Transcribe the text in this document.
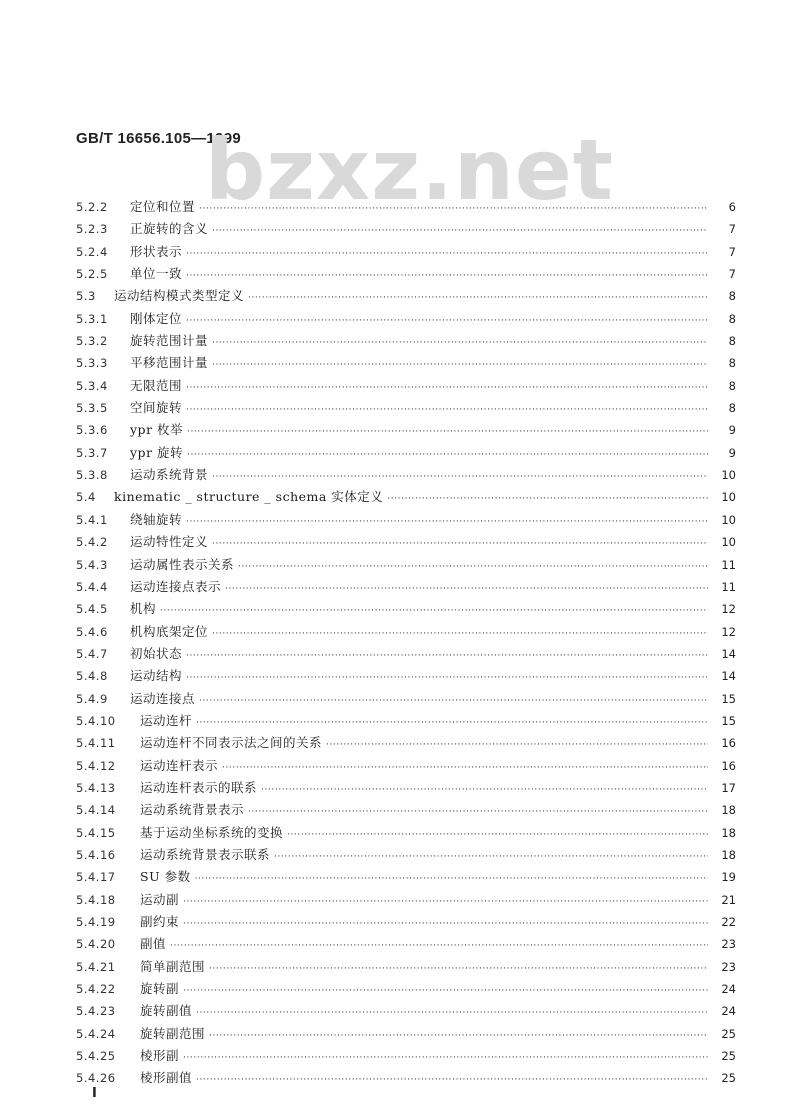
GB/T 16656.105—1999
bzxz.net
5.2.2	定位和位置 ·····	6
5.2.3	正旋转的含义 ·····	7
5.2.4	形状表示 ·····	7
5.2.5	单位一致 ·····	7
5.3	运动结构模式类型定义 ·····	8
5.3.1	刚体定位 ·····	8
5.3.2	旋转范围计量 ·····	8
5.3.3	平移范围计量 ·····	8
5.3.4	无限范围 ·····	8
5.3.5	空间旋转 ·····	8
5.3.6	ypr 枚举 ·····	9
5.3.7	ypr 旋转 ·····	9
5.3.8	运动系统背景 ·····	10
5.4	kinematic _ structure _ schema 实体定义 ·····	10
5.4.1	绕轴旋转 ·····	10
5.4.2	运动特性定义 ·····	10
5.4.3	运动属性表示关系 ·····	11
5.4.4	运动连接点表示 ·····	11
5.4.5	机构 ·····	12
5.4.6	机构底架定位 ·····	12
5.4.7	初始状态 ·····	14
5.4.8	运动结构 ·····	14
5.4.9	运动连接点 ·····	15
5.4.10	运动连杆 ·····	15
5.4.11	运动连杆不同表示法之间的关系 ·····	16
5.4.12	运动连杆表示 ·····	16
5.4.13	运动连杆表示的联系 ·····	17
5.4.14	运动系统背景表示 ·····	18
5.4.15	基于运动坐标系统的变换 ·····	18
5.4.16	运动系统背景表示联系 ·····	18
5.4.17	SU 参数 ·····	19
5.4.18	运动副 ·····	21
5.4.19	副约束 ·····	22
5.4.20	副值 ·····	23
5.4.21	简单副范围 ·····	23
5.4.22	旋转副 ·····	24
5.4.23	旋转副值 ·····	24
5.4.24	旋转副范围 ·····	25
5.4.25	棱形副 ·····	25
5.4.26	棱形副值 ·····	25
I
